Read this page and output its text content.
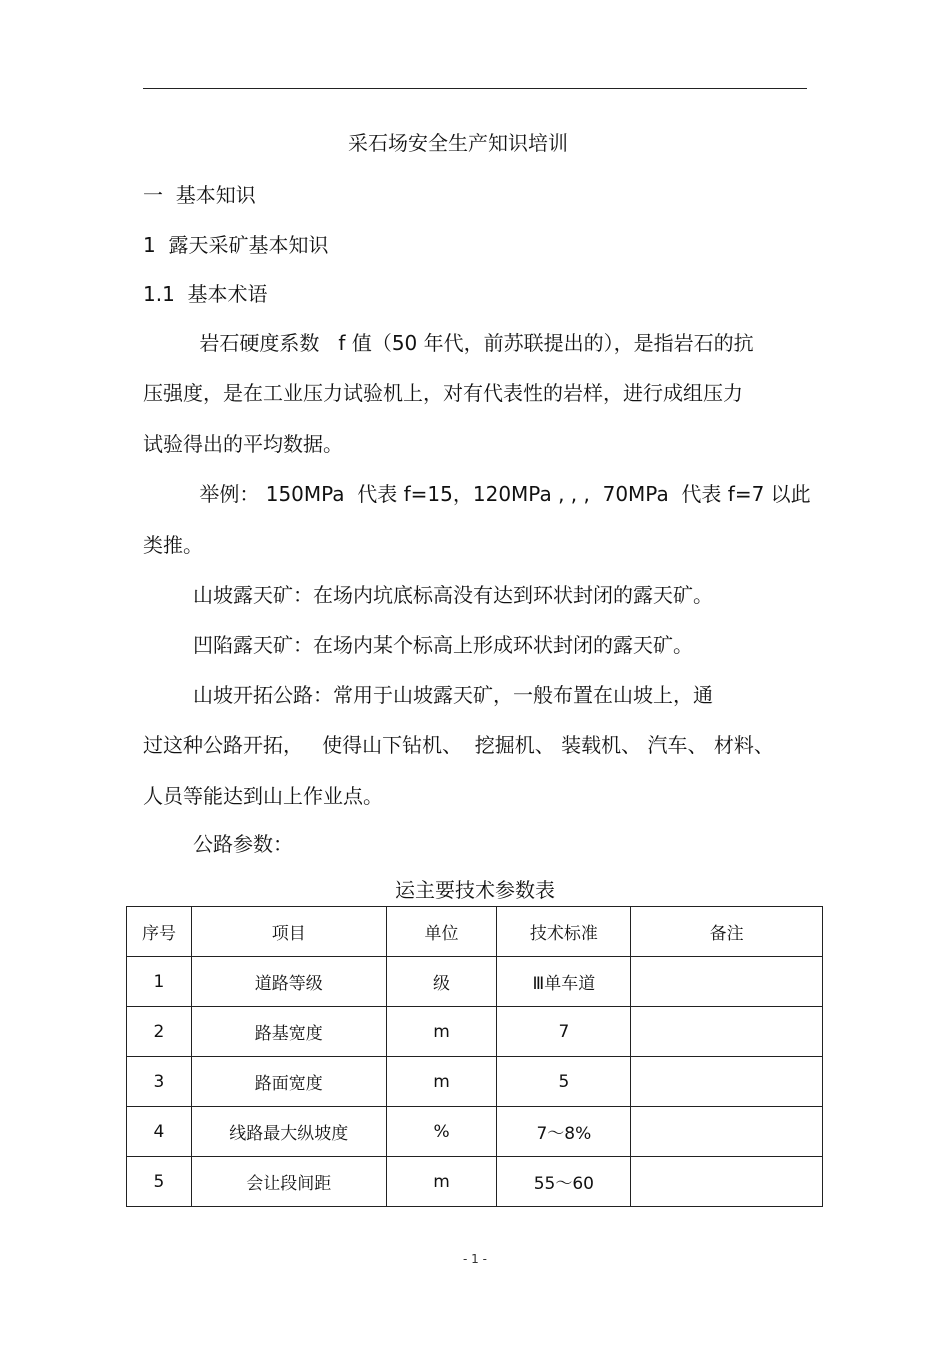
采石场安全生产知识培训
一  基本知识
1  露天采矿基本知识
1.1  基本术语
岩石硬度系数   f 值（50 年代，前苏联提出的），是指岩石的抗
压强度，是在工业压力试验机上，对有代表性的岩样，进行成组压力
试验得出的平均数据。
举例： 150MPa  代表 f=15，120MPa , , ,  70MPa  代表 f=7 以此
类推。
山坡露天矿：在场内坑底标高没有达到环状封闭的露天矿。
凹陷露天矿：在场内某个标高上形成环状封闭的露天矿。
山坡开拓公路：常用于山坡露天矿，一般布置在山坡上，通
过这种公路开拓，   使得山下钻机、  挖掘机、 装载机、 汽车、 材料、
人员等能达到山上作业点。
公路参数：
运主要技术参数表
序号	项目	单位	技术标准	备注
1	道路等级	级	Ⅲ单车道	
2	路基宽度	m	7	
3	路面宽度	m	5	
4	线路最大纵坡度	%	7～8%	
5	会让段间距	m	55～60	
- 1 -
